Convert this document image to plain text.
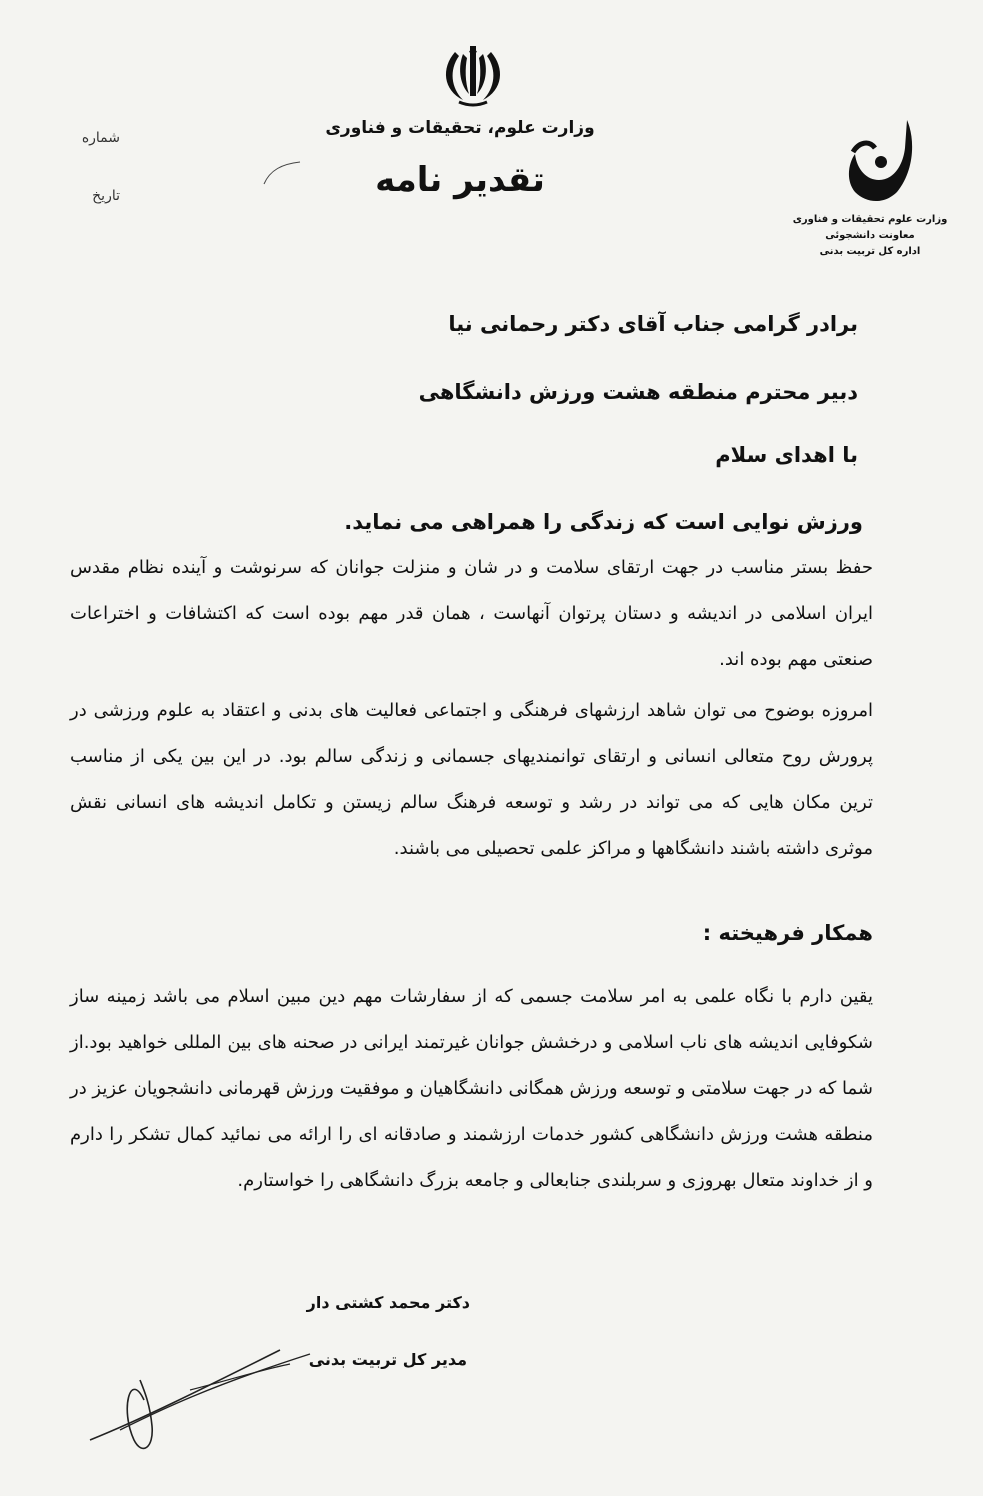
وزارت علوم، تحقیقات و فناوری
تقدیر نامه
شماره
تاریخ
وزارت علوم تحقیقات و فناوری
معاونت دانشجوئی
اداره کل تربیت بدنی
برادر گرامی جناب آقای دکتر رحمانی نیا
دبیر محترم منطقه هشت ورزش دانشگاهی
با اهدای سلام
ورزش نوایی است که زندگی را همراهی می نماید.
حفظ بستر مناسب در جهت ارتقای سلامت و در شان و منزلت جوانان که سرنوشت و آینده نظام مقدس ایران اسلامی در اندیشه و دستان پرتوان آنهاست ، همان قدر مهم بوده است که اکتشافات و اختراعات صنعتی مهم بوده اند.
امروزه بوضوح می توان شاهد ارزشهای فرهنگی و اجتماعی فعالیت های بدنی و اعتقاد به علوم ورزشی در پرورش روح متعالی انسانی و ارتقای توانمندیهای جسمانی و زندگی سالم بود. در این بین یکی از مناسب ترین مکان هایی که می تواند در رشد و توسعه فرهنگ سالم زیستن و تکامل اندیشه های انسانی نقش موثری داشته باشند دانشگاهها و مراکز علمی تحصیلی می باشند.
همکار فرهیخته :
یقین دارم با نگاه علمی به امر سلامت جسمی که از سفارشات مهم دین مبین اسلام می باشد زمینه ساز شکوفایی اندیشه های ناب اسلامی و درخشش جوانان غیرتمند ایرانی در صحنه های بین المللی خواهید بود.از شما که در جهت سلامتی و توسعه ورزش همگانی دانشگاهیان و موفقیت ورزش قهرمانی دانشجویان عزیز در منطقه هشت ورزش دانشگاهی کشور خدمات ارزشمند و صادقانه ای را ارائه می نمائید کمال تشکر را دارم و از خداوند متعال بهروزی و سربلندی جنابعالی و جامعه بزرگ دانشگاهی را خواستارم.
دکتر محمد کشتی دار
مدیر کل تربیت بدنی
